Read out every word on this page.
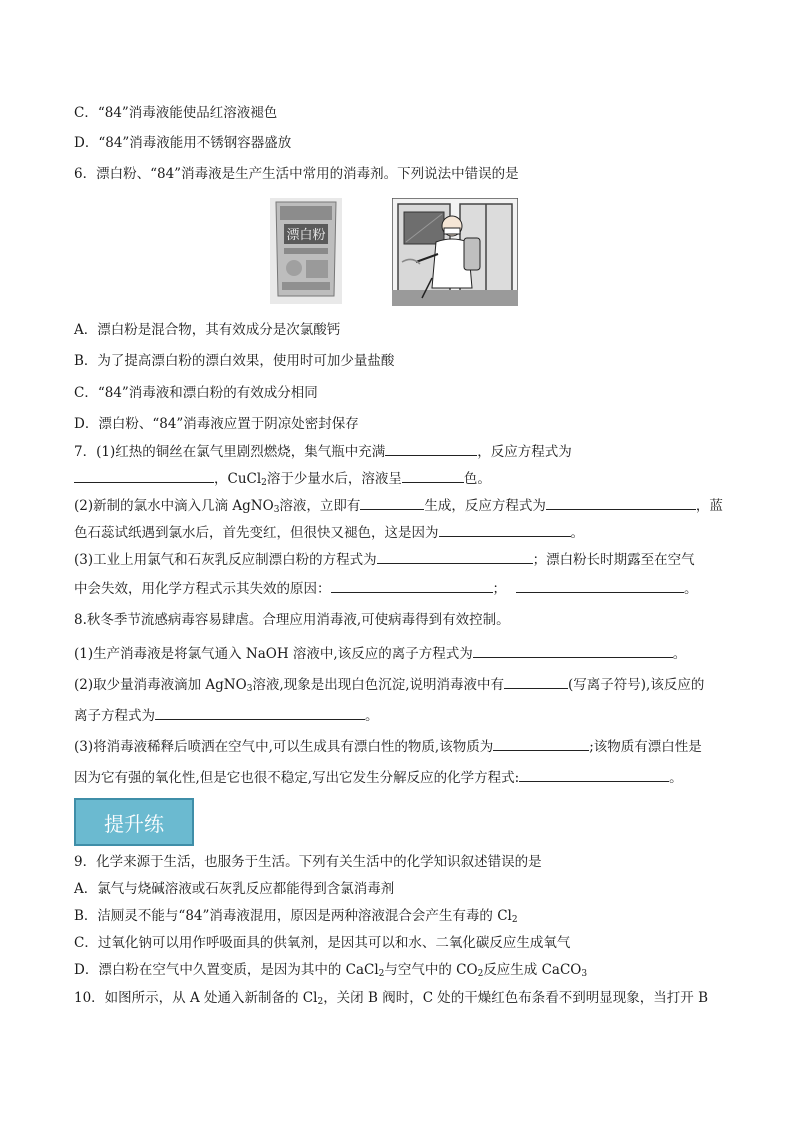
C．“84”消毒液能使品红溶液褪色
D．“84”消毒液能用不锈钢容器盛放
6．漂白粉、“84”消毒液是生产生活中常用的消毒剂。下列说法中错误的是
漂白粉
A．漂白粉是混合物，其有效成分是次氯酸钙
B．为了提高漂白粉的漂白效果，使用时可加少量盐酸
C．“84”消毒液和漂白粉的有效成分相同
D．漂白粉、“84”消毒液应置于阴凉处密封保存
7．(1)红热的铜丝在氯气里剧烈燃烧，集气瓶中充满	，反应方程式为
，CuCl$_2$溶于少量水后，溶液呈	色。
(2)新制的氯水中滴入几滴 AgNO$_3$溶液，立即有	生成，反应方程式为	，蓝
色石蕊试纸遇到氯水后，首先变红，但很快又褪色，这是因为	。
(3)工业上用氯气和石灰乳反应制漂白粉的方程式为	；漂白粉长时期露至在空气
中会失效，用化学方程式示其失效的原因：	；	。
8.秋冬季节流感病毒容易肆虐。合理应用消毒液,可使病毒得到有效控制。
(1)生产消毒液是将氯气通入 NaOH 溶液中,该反应的离子方程式为	。
(2)取少量消毒液滴加 AgNO$_3$溶液,现象是出现白色沉淀,说明消毒液中有	(写离子符号),该反应的
离子方程式为	。
(3)将消毒液稀释后喷洒在空气中,可以生成具有漂白性的物质,该物质为	;该物质有漂白性是
因为它有强的氧化性,但是它也很不稳定,写出它发生分解反应的化学方程式:	。
提升练
9．化学来源于生活，也服务于生活。下列有关生活中的化学知识叙述错误的是
A．氯气与烧碱溶液或石灰乳反应都能得到含氯消毒剂
B．洁厕灵不能与“84”消毒液混用，原因是两种溶液混合会产生有毒的 $Cl_2$
C．过氧化钠可以用作呼吸面具的供氧剂，是因其可以和水、二氧化碳反应生成氧气
D．漂白粉在空气中久置变质，是因为其中的 CaCl$_2$与空气中的 $CO_2$反应生成 CaCO$_3$
10．如图所示，从 A 处通入新制备的 $Cl_2$，关闭 B 阀时，C 处的干燥红色布条看不到明显现象，当打开 B
